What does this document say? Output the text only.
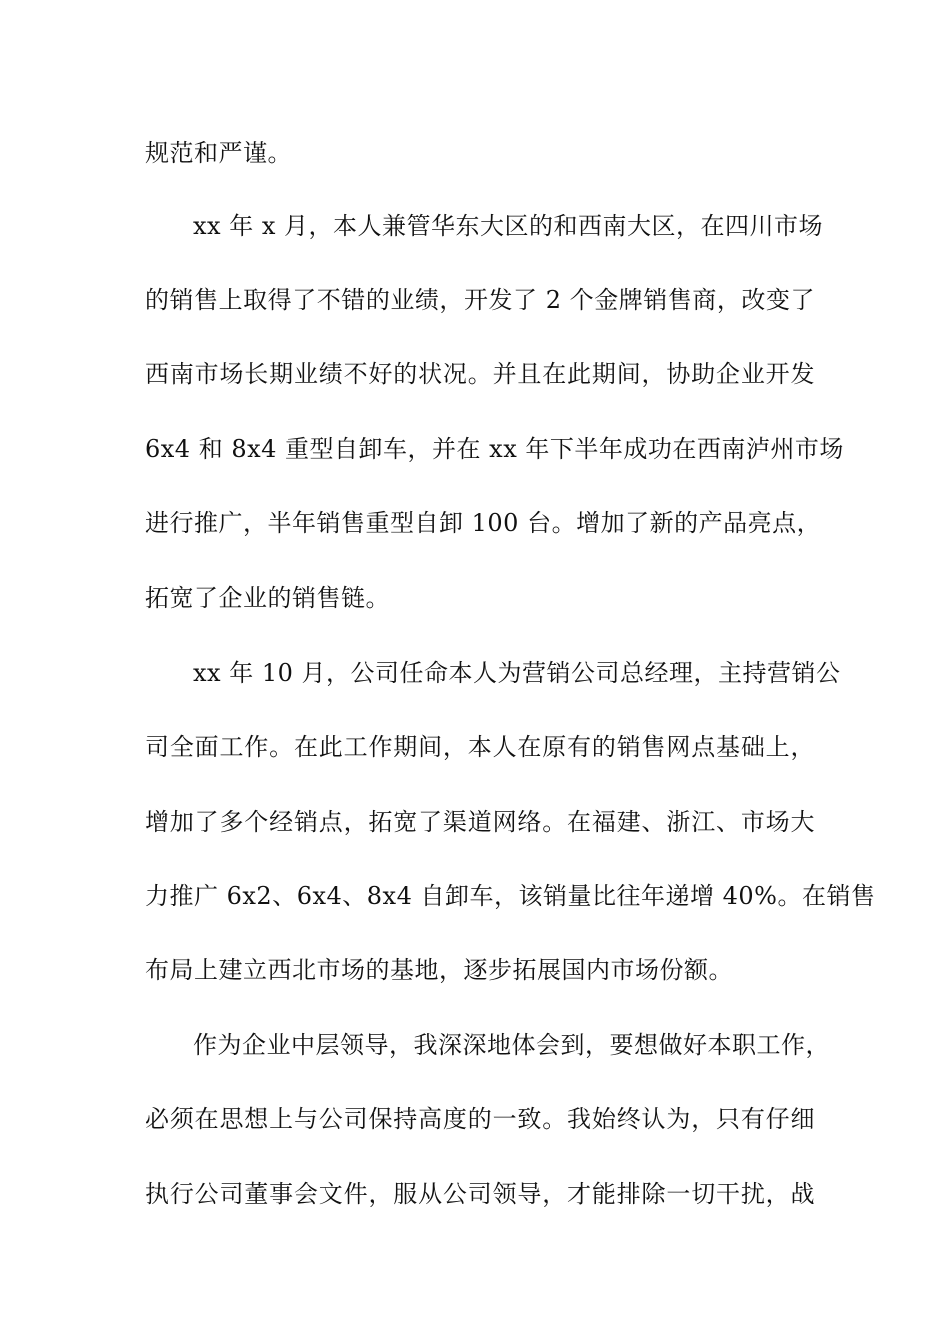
规范和严谨。
xx 年 x 月，本人兼管华东大区的和西南大区，在四川市场
的销售上取得了不错的业绩，开发了 2 个金牌销售商，改变了
西南市场长期业绩不好的状况。并且在此期间，协助企业开发
6x4 和 8x4 重型自卸车，并在 xx 年下半年成功在西南泸州市场
进行推广，半年销售重型自卸 100 台。增加了新的产品亮点，
拓宽了企业的销售链。
xx 年 10 月，公司任命本人为营销公司总经理，主持营销公
司全面工作。在此工作期间，本人在原有的销售网点基础上，
增加了多个经销点，拓宽了渠道网络。在福建、浙江、市场大
力推广 6x2、6x4、8x4 自卸车，该销量比往年递增 40%。在销售
布局上建立西北市场的基地，逐步拓展国内市场份额。
作为企业中层领导，我深深地体会到，要想做好本职工作，
必须在思想上与公司保持高度的一致。我始终认为，只有仔细
执行公司董事会文件，服从公司领导，才能排除一切干扰，战
